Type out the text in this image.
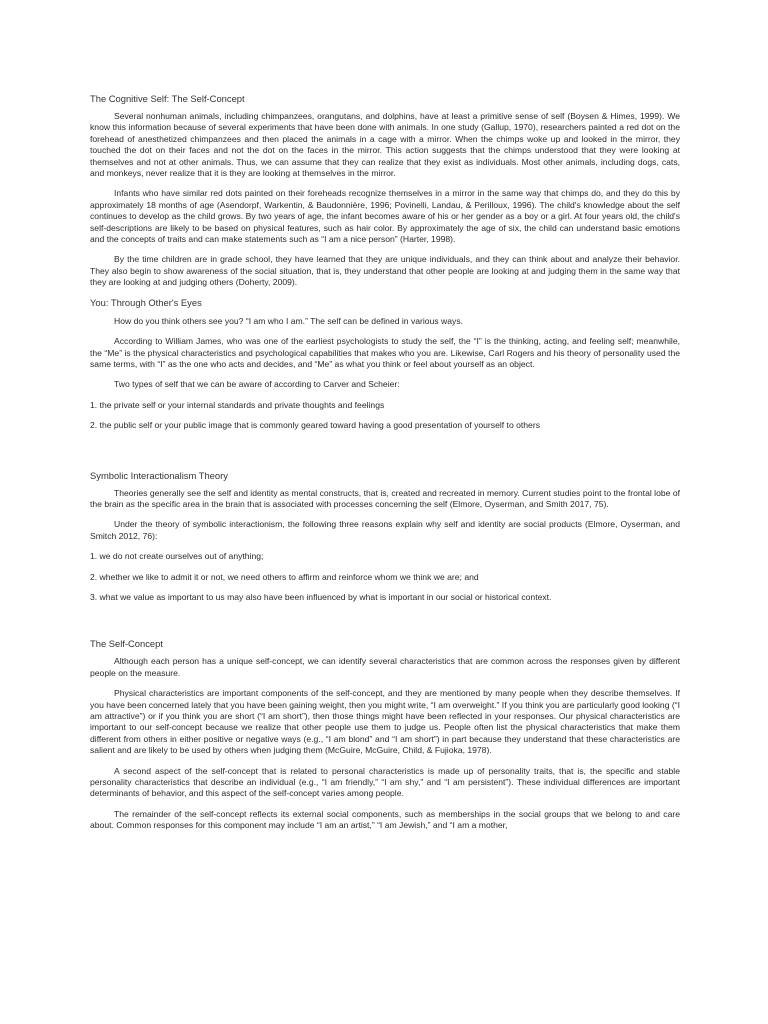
The Cognitive Self: The Self-Concept

Several nonhuman animals, including chimpanzees, orangutans, and dolphins, have at least a primitive sense of self (Boysen & Himes, 1999). We know this information because of several experiments that have been done with animals. In one study (Gallup, 1970), researchers painted a red dot on the forehead of anesthetized chimpanzees and then placed the animals in a cage with a mirror. When the chimps woke up and looked in the mirror, they touched the dot on their faces and not the dot on the faces in the mirror. This action suggests that the chimps understood that they were looking at themselves and not at other animals. Thus, we can assume that they can realize that they exist as individuals. Most other animals, including dogs, cats, and monkeys, never realize that it is they are looking at themselves in the mirror.

Infants who have similar red dots painted on their foreheads recognize themselves in a mirror in the same way that chimps do, and they do this by approximately 18 months of age (Asendorpf, Warkentin, & Baudonnière, 1996; Povinelli, Landau, & Perilloux, 1996). The child's knowledge about the self continues to develop as the child grows. By two years of age, the infant becomes aware of his or her gender as a boy or a girl. At four years old, the child's self-descriptions are likely to be based on physical features, such as hair color. By approximately the age of six, the child can understand basic emotions and the concepts of traits and can make statements such as “I am a nice person” (Harter, 1998).

By the time children are in grade school, they have learned that they are unique individuals, and they can think about and analyze their behavior. They also begin to show awareness of the social situation, that is, they understand that other people are looking at and judging them in the same way that they are looking at and judging others (Doherty, 2009).

You: Through Other's Eyes

How do you think others see you? “I am who I am.” The self can be defined in various ways.

According to William James, who was one of the earliest psychologists to study the self, the “I” is the thinking, acting, and feeling self; meanwhile, the “Me” is the physical characteristics and psychological capabilities that makes who you are. Likewise, Carl Rogers and his theory of personality used the same terms, with “I” as the one who acts and decides, and “Me” as what you think or feel about yourself as an object.

Two types of self that we can be aware of according to Carver and Scheier:

1. the private self or your internal standards and private thoughts and feelings

2. the public self or your public image that is commonly geared toward having a good presentation of yourself to others

Symbolic Interactionalism Theory

Theories generally see the self and identity as mental constructs, that is, created and recreated in memory. Current studies point to the frontal lobe of the brain as the specific area in the brain that is associated with processes concerning the self (Elmore, Oyserman, and Smith 2017, 75).

Under the theory of symbolic interactionism, the following three reasons explain why self and identity are social products (Elmore, Oyserman, and Smitch 2012, 76):

1. we do not create ourselves out of anything;

2. whether we like to admit it or not, we need others to affirm and reinforce whom we think we are; and

3. what we value as important to us may also have been influenced by what is important in our social or historical context.

The Self-Concept

Although each person has a unique self-concept, we can identify several characteristics that are common across the responses given by different people on the measure.

Physical characteristics are important components of the self-concept, and they are mentioned by many people when they describe themselves. If you have been concerned lately that you have been gaining weight, then you might write, “I am overweight.” If you think you are particularly good looking (“I am attractive”) or if you think you are short (“I am short”), then those things might have been reflected in your responses. Our physical characteristics are important to our self-concept because we realize that other people use them to judge us. People often list the physical characteristics that make them different from others in either positive or negative ways (e.g., “I am blond” and “I am short”) in part because they understand that these characteristics are salient and are likely to be used by others when judging them (McGuire, McGuire, Child, & Fujioka, 1978).

A second aspect of the self-concept that is related to personal characteristics is made up of personality traits, that is, the specific and stable personality characteristics that describe an individual (e.g., “I am friendly,” “I am shy,” and “I am persistent”). These individual differences are important determinants of behavior, and this aspect of the self-concept varies among people.

The remainder of the self-concept reflects its external social components, such as memberships in the social groups that we belong to and care about. Common responses for this component may include “I am an artist,” “I am Jewish,” and “I am a mother,
